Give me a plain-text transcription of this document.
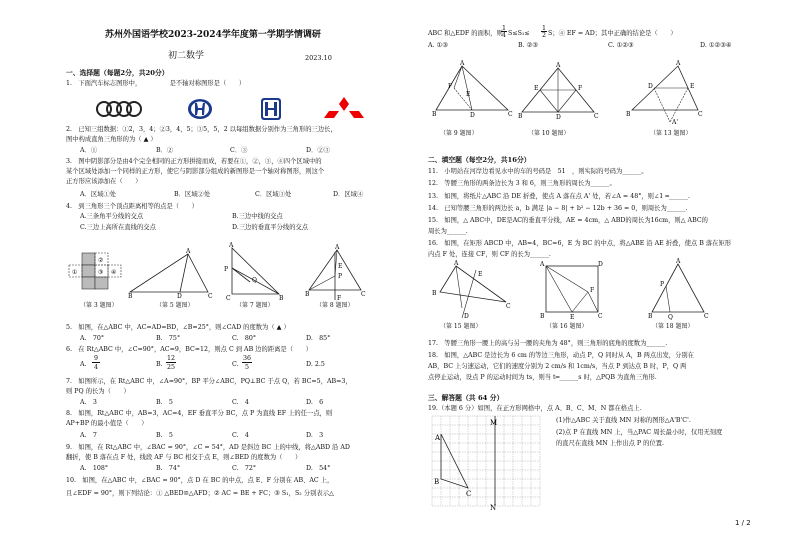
苏州外国语学校2023-2024学年度第一学期学情调研
初二数学	2023.10
一、选择题（每题2分，共20分）
1.　下面汽车标志图形中，　　　　　是不轴对称图形是（　　）
2.　已知三组数据：①2，3，4；②3，4，5；③5，5，2 以每组数据分别作为三角形的三边长，
图中构成直角三角形的为（ ▲ ）
A．①	B．②	C．③	D．②③
3.　图中阴影部分是由4个完全相同的正方形拼接而成，若要在①，②，③，④四个区域中的
某个区域处添加一个同样的正方形，使它与阴影部分组成的新图形是一个轴对称图形，则这个
正方形应该添加在（　　）
A．区域①处	B．区域②处	C．区域③处	D．区域④
4.　到三角形三个顶点距离相等的点是（　　）
A.三条角平分线的交点	B.三边中线的交点
C.三边上高所在直线的交点	D.三边的垂直平分线的交点
①
②
③ ④
（第 3 题图）
B
A
D	C
（第 5 题图）
A
P
Q
C	B
（第 7 题图）
A
E
P
B	C
F
（第 8 题图）
5.　如图，在△ABC 中，AC=AD=BD，∠B=25°，则∠CAD 的度数为（ ▲ ）
A.　70°	B.　75°	C.　80°	D.　85°
6.　在 Rt△ABC 中，∠C=90°，AC=9，BC=12，则点 C 到 AB 边的距离是（　　）
A.
9
4	B.
12
25	C.
36
5	D. 2.5
7.　如图所示，在 Rt△ABC 中，∠A=90°，BP 平分∠ABC，PQ⊥BC 于点 Q，若 BC=5，AB=3，
则 PQ 的长为（　　）
A.　3	B.　5	C.　4	D.　6
8.　如图，Rt△ABC 中，AB=3，AC=4，EF 垂直平分 BC，点 P 为直线 EF 上的任一点，则
AP+BP 的最小值是（　　）
A.　7	B.　5	C.　4	D.　3
9.　如图，在 Rt△ABC 中，∠BAC = 90°，∠C = 54°，AD 是斜边 BC 上的中线，将△ABD 沿 AD
翻折，使 B 落在点 F 处，线段 AF 与 BC 相交于点 E，则∠BED 的度数为（　　）
A.　108°	B.　74°	C.　72°	D.　54°
10.　如图，在△ABC 中，∠BAC = 90°，点 D 在 BC 的中点，点 E、F 分别在 AB、AC 上，
且∠EDF = 90°，则下列结论：① △BED≌△AFD；② AC = BE + FC；③ S₁，S₂ 分别表示△
ABC 和△EDF 的面积，则
1
4 S≤S₁≤
1
2 S；④ EF = AD；其中正确的结论是（　　）
A. ①③	B. ②③	C. ①②③	D. ①②③④
A
B	D	C
F
E
（第 9 题图）
A
B	D	C
E	F
（第 10 题图）
A
B	C
D	E
A'
（第 13 题图）
二、填空题（每空2分，共16分）
11.　小明站在河岸边看见水中的车的号码是　51　，则实际的号码为______。
12.　等腰三角形的两条边长为 3 和 6，则三角形的周长为______。
13.　如图，将纸片△ABC 沿 DE 折叠，使点 A 落在点 A' 处，若∠A = 48°，则∠1 ═______.
14.　已知等腰三角形的两边长 a，b 满足 |a − 8| + b² − 12b + 36 = 0，则周长为______.
15.　如图，△ ABC中，DE是AC的垂直平分线，AE = 4cm，△ ABD的周长为16cm，则△ ABC的
周长为______.
16.　如图，在矩形 ABCD 中，AB=4，BC=6，E 为 BC 的中点，将△ABE 沿 AE 折叠，使点 B 落在矩形
内点 F 处，连接 CF，则 CF 的长为______.
A
B
C
E
D
（第 15 题图）
A	D
B	E	C
F
（第 16 题图）
A
P
B	Q	C
（第 18 题图）
17.　等腰三角形一腰上的高与另一腰的夹角为 48°，则三角形的底角的度数为______.
18.　如图，△ABC 是边长为 6 cm 的等边三角形，动点 P，Q 同时从 A，B 两点出发，分别在
AB，BC 上匀速运动，它们的速度分别为 2 cm/s 和 1cm/s，当点 P 到达点 B 时，P，Q 两
点停止运动，设点 P 的运动时间为 ts，则当 t═______s 时，△PQB 为直角三角形.
三、解答题（共 64 分）
19.（本题 6 分）如图，在正方形网格中，点 A、B、C、M、N 都在格点上.
A
B
C
M
N
(1)作△ABC 关于直线 MN 对称的图形△A'B'C'.
(2)点 P 在直线 MN 上，当△PAC 周长最小时，仅用无刻度
的直尺在直线 MN 上作出点 P 的位置.
1 / 2
